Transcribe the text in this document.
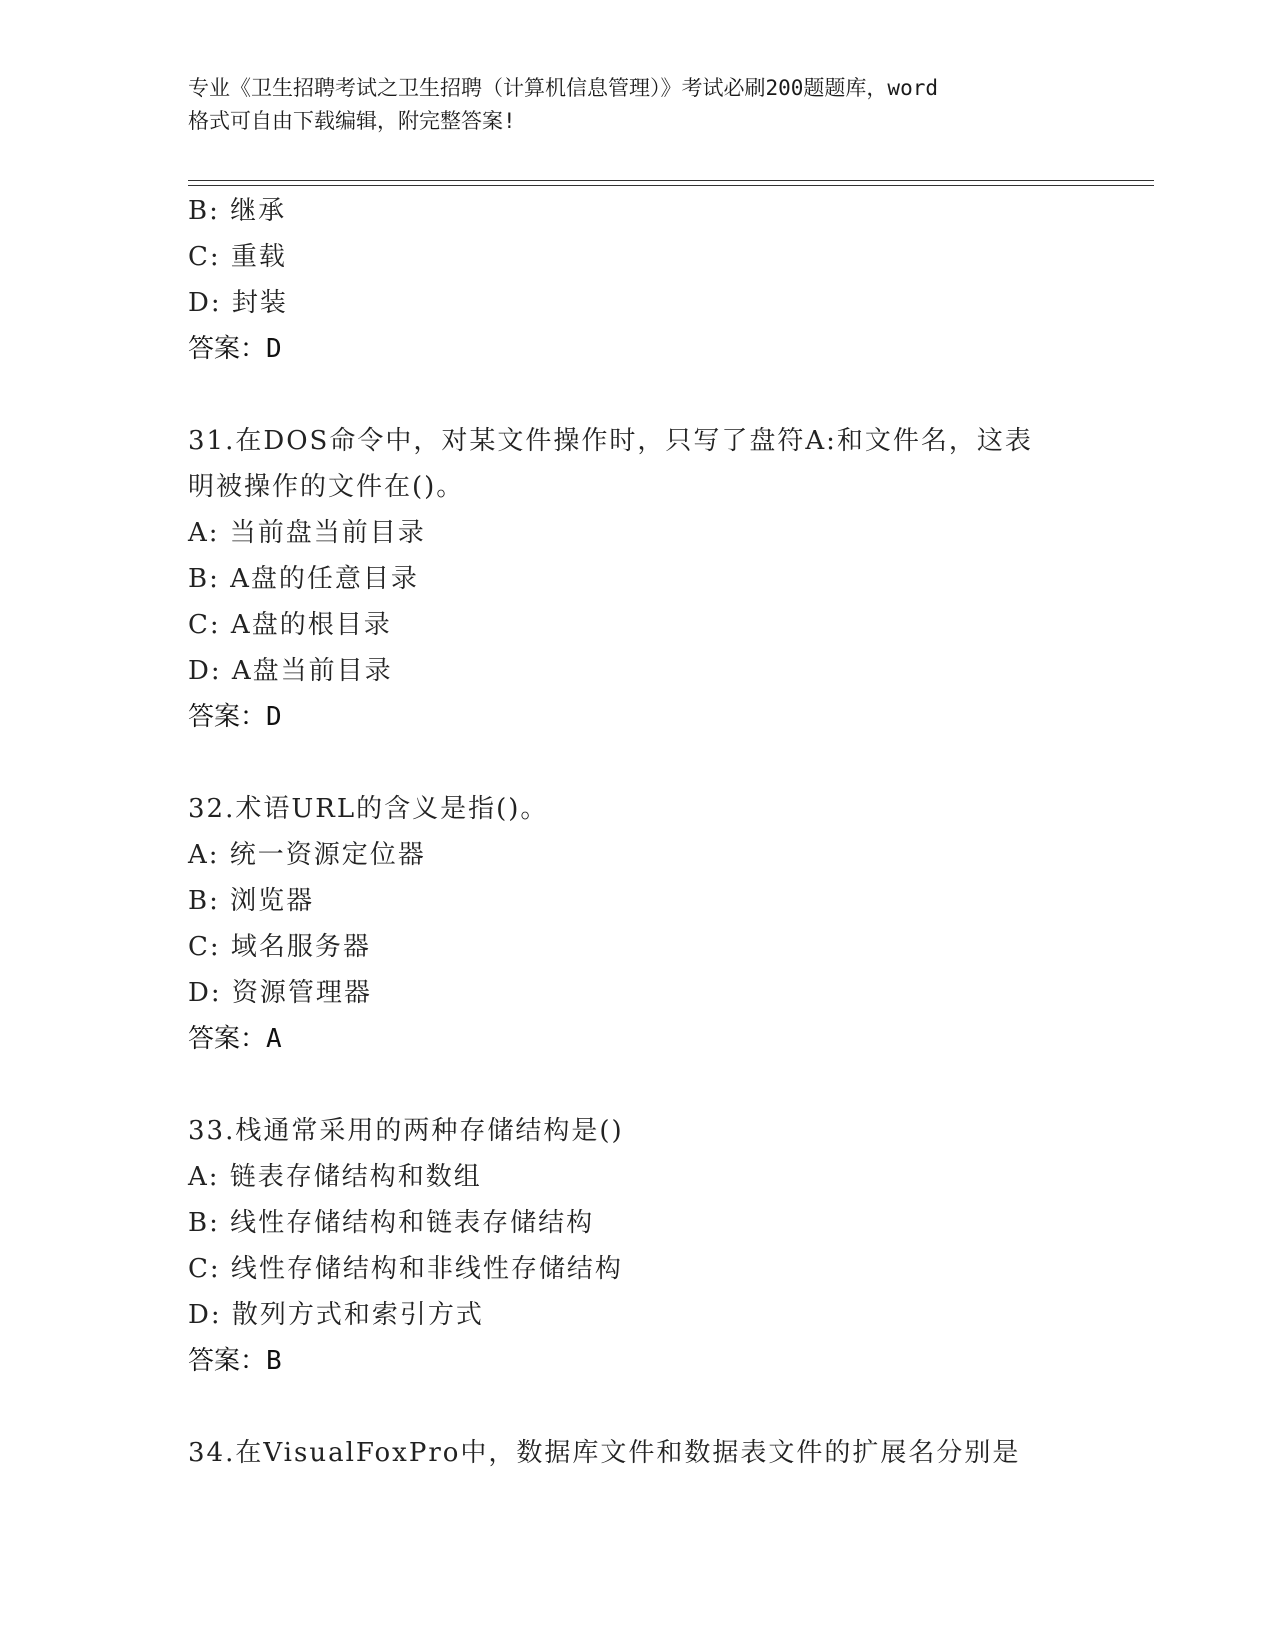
专业《卫生招聘考试之卫生招聘（计算机信息管理）》考试必刷200题题库，word
格式可自由下载编辑，附完整答案!
B: 继承
C: 重载
D: 封装
答案：D
31.在DOS命令中，对某文件操作时，只写了盘符A:和文件名，这表
明被操作的文件在()。
A: 当前盘当前目录
B: A盘的任意目录
C: A盘的根目录
D: A盘当前目录
答案：D
32.术语URL的含义是指()。
A: 统一资源定位器
B: 浏览器
C: 域名服务器
D: 资源管理器
答案：A
33.栈通常采用的两种存储结构是()
A: 链表存储结构和数组
B: 线性存储结构和链表存储结构
C: 线性存储结构和非线性存储结构
D: 散列方式和索引方式
答案：B
34.在VisualFoxPro中，数据库文件和数据表文件的扩展名分别是
